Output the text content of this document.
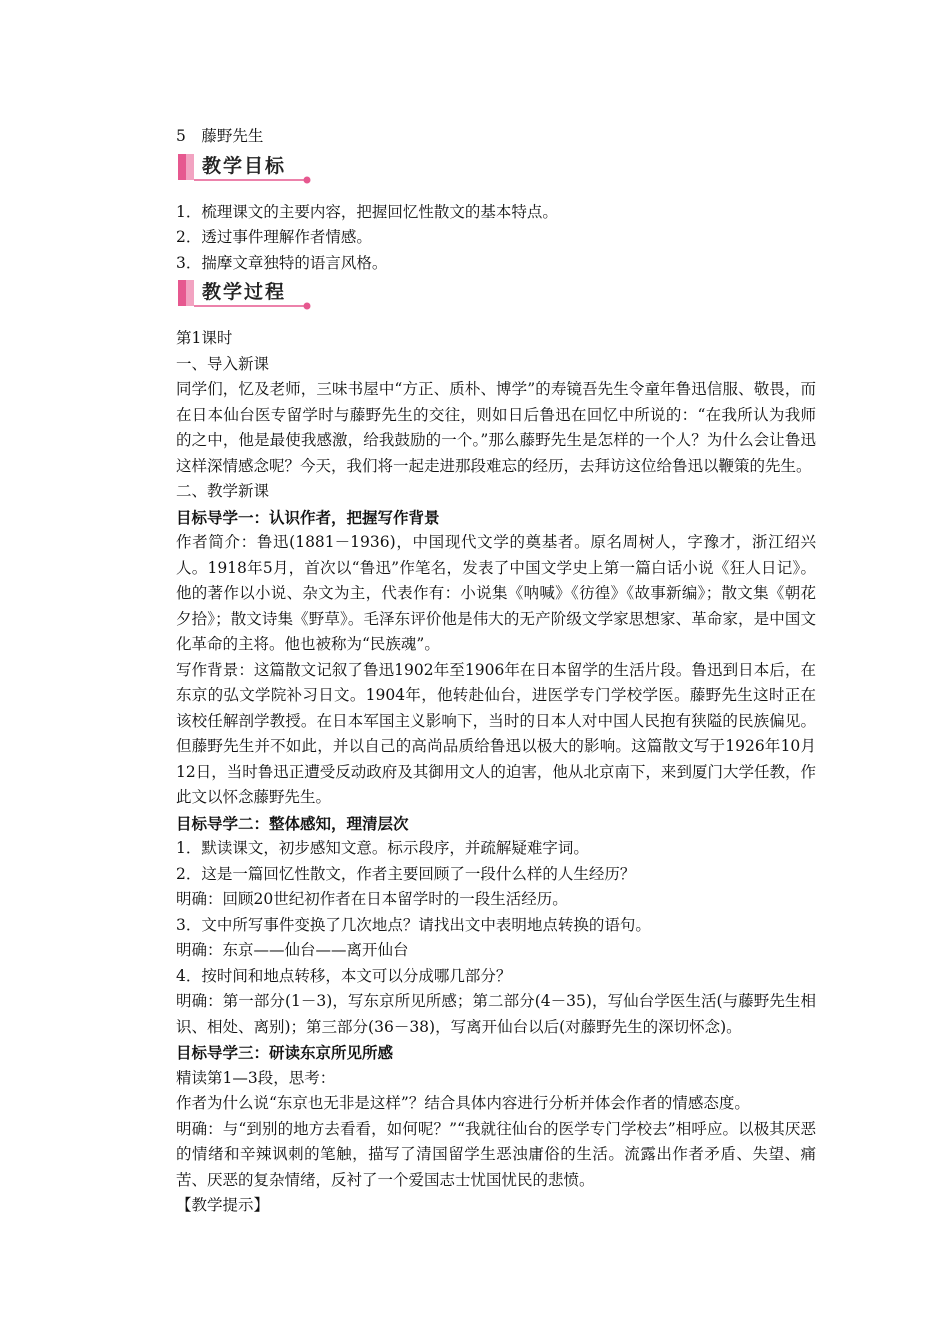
5　藤野先生

教学目标

1．梳理课文的主要内容，把握回忆性散文的基本特点。

2．透过事件理解作者情感。

3．揣摩文章独特的语言风格。

教学过程

第1课时

一、导入新课

同学们，忆及老师，三味书屋中“方正、质朴、博学”的寿镜吾先生令童年鲁迅信服、敬畏，而在日本仙台医专留学时与藤野先生的交往，则如日后鲁迅在回忆中所说的：“在我所认为我师的之中，他是最使我感激，给我鼓励的一个。”那么藤野先生是怎样的一个人？为什么会让鲁迅这样深情感念呢？今天，我们将一起走进那段难忘的经历，去拜访这位给鲁迅以鞭策的先生。

二、教学新课

目标导学一：认识作者，把握写作背景

作者简介：鲁迅(1881－1936)，中国现代文学的奠基者。原名周树人，字豫才，浙江绍兴人。1918年5月，首次以“鲁迅”作笔名，发表了中国文学史上第一篇白话小说《狂人日记》。他的著作以小说、杂文为主，代表作有：小说集《呐喊》《彷徨》《故事新编》；散文集《朝花夕拾》；散文诗集《野草》。毛泽东评价他是伟大的无产阶级文学家思想家、革命家，是中国文化革命的主将。他也被称为“民族魂”。

写作背景：这篇散文记叙了鲁迅1902年至1906年在日本留学的生活片段。鲁迅到日本后，在东京的弘文学院补习日文。1904年，他转赴仙台，进医学专门学校学医。藤野先生这时正在该校任解剖学教授。在日本军国主义影响下，当时的日本人对中国人民抱有狭隘的民族偏见。但藤野先生并不如此，并以自己的高尚品质给鲁迅以极大的影响。这篇散文写于1926年10月12日，当时鲁迅正遭受反动政府及其御用文人的迫害，他从北京南下，来到厦门大学任教，作此文以怀念藤野先生。

目标导学二：整体感知，理清层次

1．默读课文，初步感知文意。标示段序，并疏解疑难字词。

2．这是一篇回忆性散文，作者主要回顾了一段什么样的人生经历？

明确：回顾20世纪初作者在日本留学时的一段生活经历。

3．文中所写事件变换了几次地点？请找出文中表明地点转换的语句。

明确：东京——仙台——离开仙台

4．按时间和地点转移，本文可以分成哪几部分？

明确：第一部分(1－3)，写东京所见所感；第二部分(4－35)，写仙台学医生活(与藤野先生相识、相处、离别)；第三部分(36－38)，写离开仙台以后(对藤野先生的深切怀念)。

目标导学三：研读东京所见所感

精读第1—3段，思考：

作者为什么说“东京也无非是这样”？结合具体内容进行分析并体会作者的情感态度。

明确：与“到别的地方去看看，如何呢？”“我就往仙台的医学专门学校去”相呼应。以极其厌恶的情绪和辛辣讽刺的笔触，描写了清国留学生恶浊庸俗的生活。流露出作者矛盾、失望、痛苦、厌恶的复杂情绪，反衬了一个爱国志士忧国忧民的悲愤。

【教学提示】
